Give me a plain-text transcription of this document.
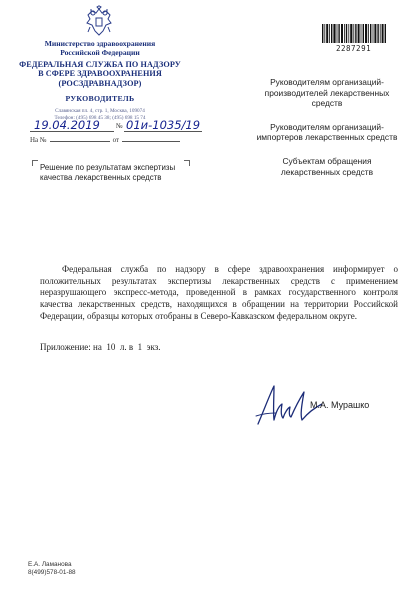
Министерство здравоохранения
Российской Федерации
ФЕДЕРАЛЬНАЯ СЛУЖБА ПО НАДЗОРУ
В СФЕРЕ ЗДРАВООХРАНЕНИЯ
(РОСЗДРАВНАДЗОР)
РУКОВОДИТЕЛЬ
Славянская пл. 4, стр. 1, Москва, 109074
Телефон: (495) 698 45 38; (495) 698 15 74
19.04.2019 № 01и-1035/19
На №	от
Решение по результатам экспертизы качества лекарственных средств
2287291
Руководителям организаций-производителей лекарственных средств
Руководителям организаций-импортеров лекарственных средств
Субъектам обращения лекарственных средств

Федеральная служба по надзору в сфере здравоохранения информирует о положительных результатах экспертизы лекарственных средств с применением неразрушающего экспресс-метода, проведенной в рамках государственного контроля качества лекарственных средств, находящихся в обращении на территории Российской Федерации, образцы которых отобраны в Северо-Кавказском федеральном округе.

Приложение: на  10  л. в  1  экз.
М.А. Мурашко
Е.А. Ламанова
8(499)578-01-88
